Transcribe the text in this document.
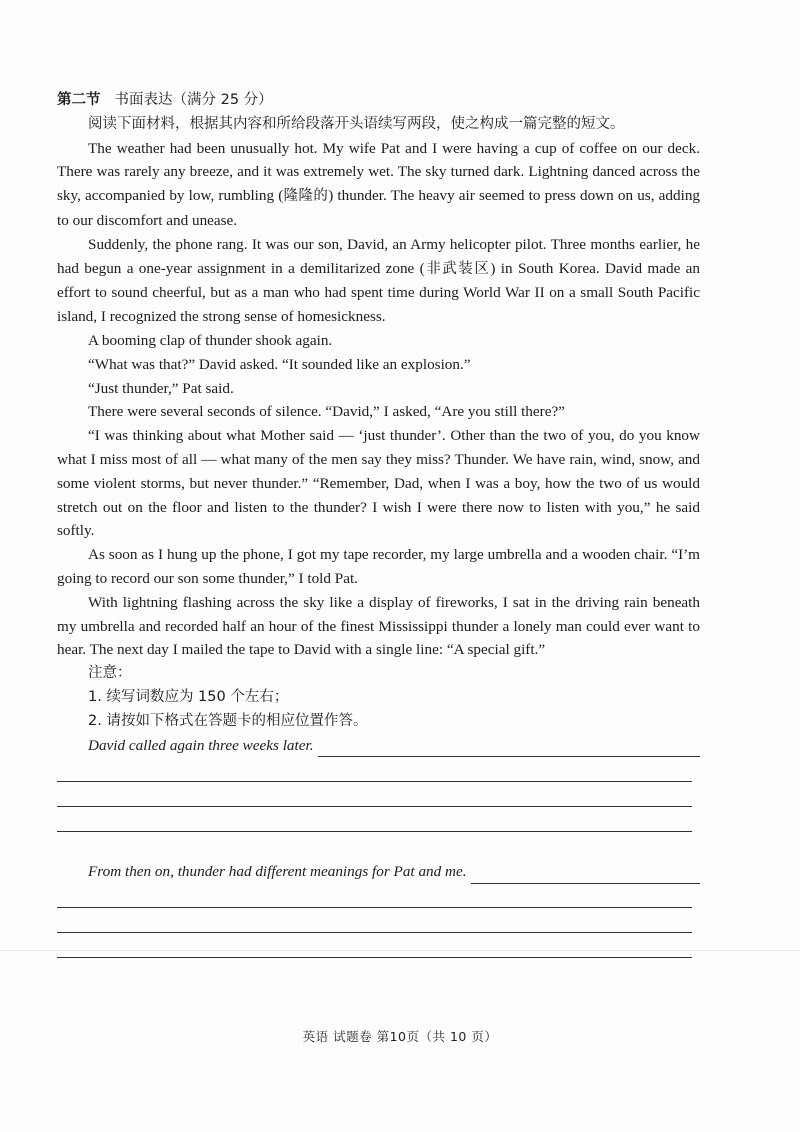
第二节 书面表达（满分 25 分）

阅读下面材料，根据其内容和所给段落开头语续写两段，使之构成一篇完整的短文。

The weather had been unusually hot. My wife Pat and I were having a cup of coffee on our deck. There was rarely any breeze, and it was extremely wet. The sky turned dark. Lightning danced across the sky, accompanied by low, rumbling (隆隆的) thunder. The heavy air seemed to press down on us, adding to our discomfort and unease.

Suddenly, the phone rang. It was our son, David, an Army helicopter pilot. Three months earlier, he had begun a one-year assignment in a demilitarized zone (非武装区) in South Korea. David made an effort to sound cheerful, but as a man who had spent time during World War II on a small South Pacific island, I recognized the strong sense of homesickness.

A booming clap of thunder shook again.

“What was that?” David asked. “It sounded like an explosion.”

“Just thunder,” Pat said.

There were several seconds of silence. “David,” I asked, “Are you still there?”

“I was thinking about what Mother said — ‘just thunder’. Other than the two of you, do you know what I miss most of all — what many of the men say they miss? Thunder. We have rain, wind, snow, and some violent storms, but never thunder.” “Remember, Dad, when I was a boy, how the two of us would stretch out on the floor and listen to the thunder? I wish I were there now to listen with you,” he said softly.

As soon as I hung up the phone, I got my tape recorder, my large umbrella and a wooden chair. “I’m going to record our son some thunder,” I told Pat.

With lightning flashing across the sky like a display of fireworks, I sat in the driving rain beneath my umbrella and recorded half an hour of the finest Mississippi thunder a lonely man could ever want to hear. The next day I mailed the tape to David with a single line: “A special gift.”

注意：

1. 续写词数应为 150 个左右；

2. 请按如下格式在答题卡的相应位置作答。

David called again three weeks later.

From then on, thunder had different meanings for Pat and me.

英语 试题卷 第10页（共 10 页）
